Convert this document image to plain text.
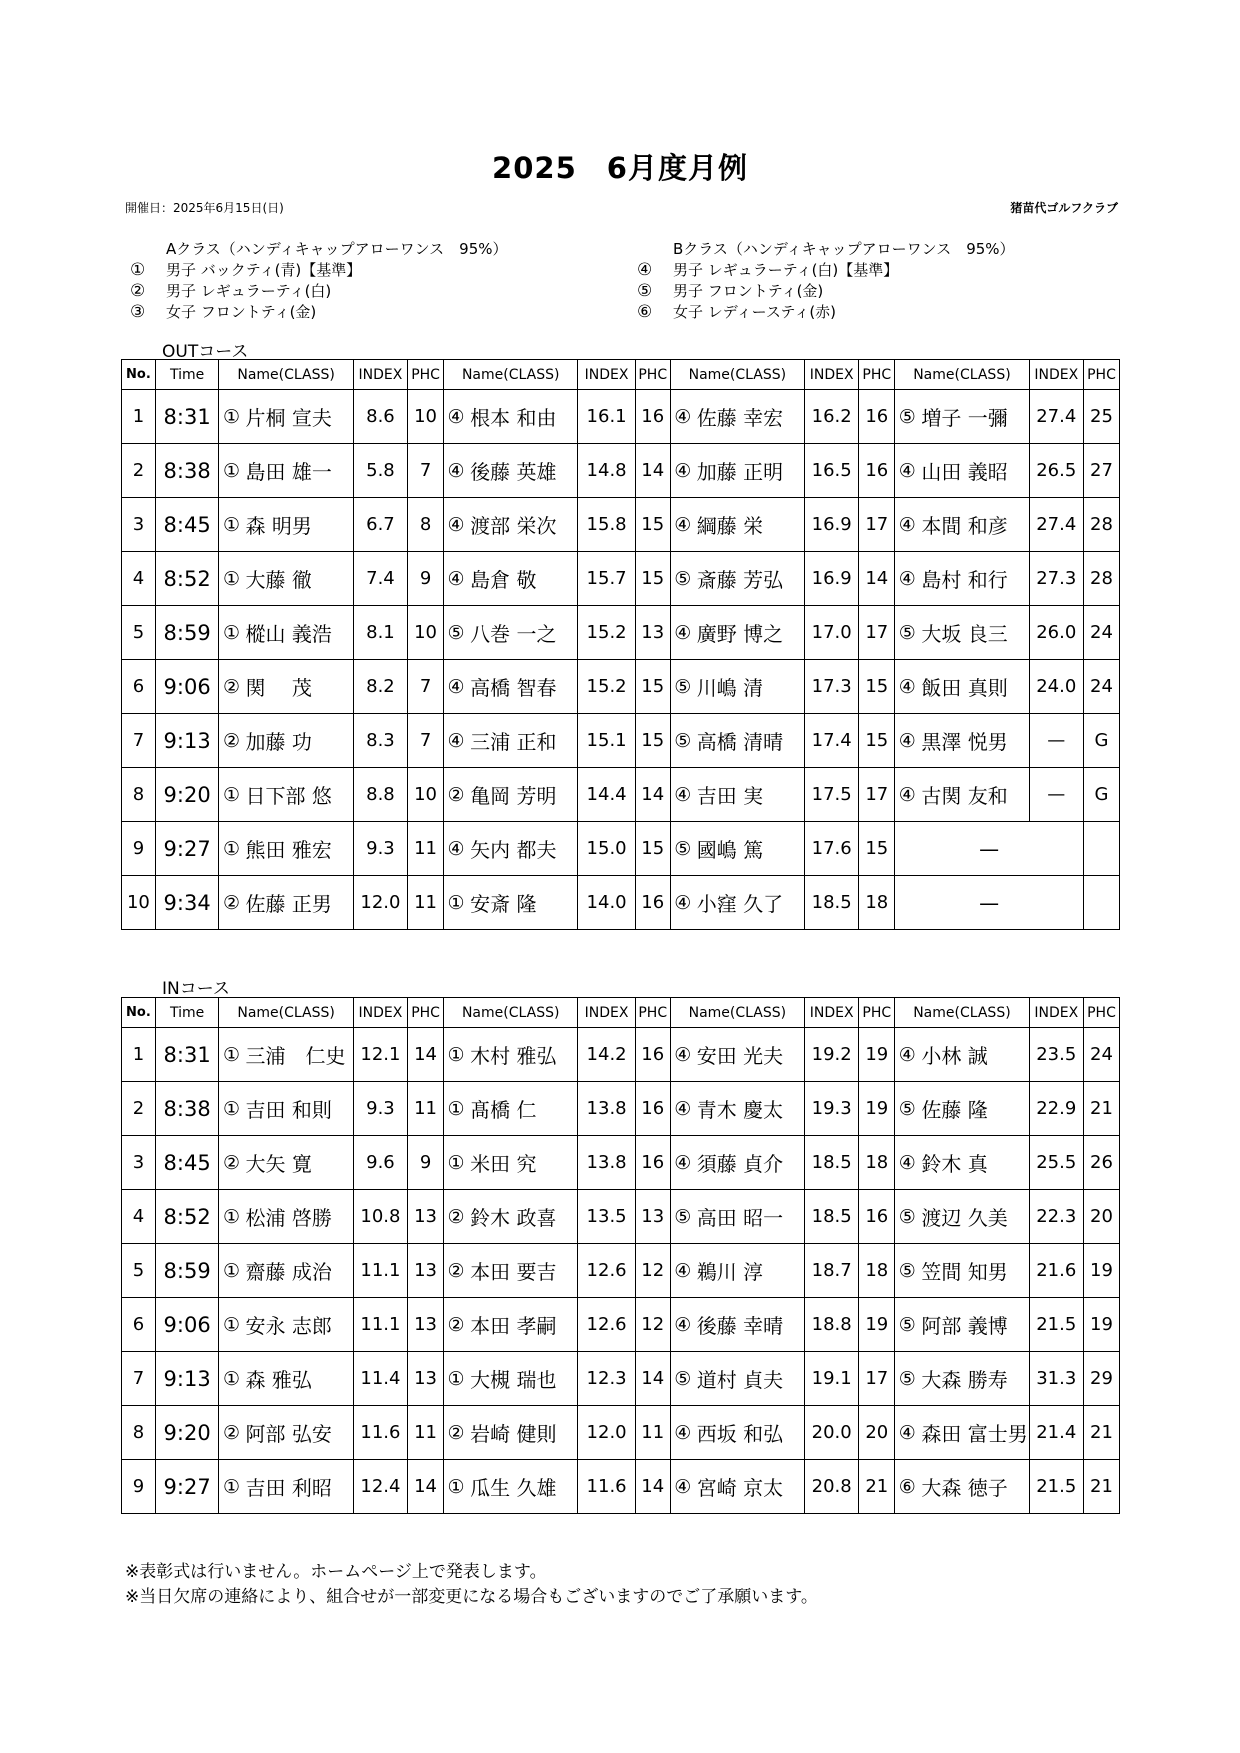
2025　6月度月例
開催日：2025年6月15日(日)	猪苗代ゴルフクラブ
Aクラス（ハンディキャップアローワンス　95%）
① 男子 バックティ(青)【基準】
② 男子 レギュラーティ(白)
③ 女子 フロントティ(金)
Bクラス（ハンディキャップアローワンス　95%）
④ 男子 レギュラーティ(白)【基準】
⑤ 男子 フロントティ(金)
⑥ 女子 レディースティ(赤)
OUTコース
No.	Time	Name(CLASS)		INDEX	PHC	Name(CLASS)		INDEX	PHC	Name(CLASS)		INDEX	PHC	Name(CLASS)		INDEX	PHC
1	8:31	①	片桐 宣夫	8.6	10	④	根本 和由	16.1	16	④	佐藤 幸宏	16.2	16	⑤	増子 一彌	27.4	25
2	8:38	①	島田 雄一	5.8	7	④	後藤 英雄	14.8	14	④	加藤 正明	16.5	16	④	山田 義昭	26.5	27
3	8:45	①	森 明男	6.7	8	④	渡部 栄次	15.8	15	④	綱藤 栄	16.9	17	④	本間 和彦	27.4	28
4	8:52	①	大藤 徹	7.4	9	④	島倉 敬	15.7	15	⑤	斎藤 芳弘	16.9	14	④	島村 和行	27.3	28
5	8:59	①	樅山 義浩	8.1	10	⑤	八巻 一之	15.2	13	④	廣野 博之	17.0	17	⑤	大坂 良三	26.0	24
6	9:06	②	関　 茂	8.2	7	④	高橋 智春	15.2	15	⑤	川嶋 清	17.3	15	④	飯田 真則	24.0	24
7	9:13	②	加藤 功	8.3	7	④	三浦 正和	15.1	15	⑤	高橋 清晴	17.4	15	④	黒澤 悦男	—	G
8	9:20	①	日下部 悠	8.8	10	②	亀岡 芳明	14.4	14	④	吉田 実	17.5	17	④	古関 友和	—	G
9	9:27	①	熊田 雅宏	9.3	11	④	矢内 都夫	15.0	15	⑤	國嶋 篤	17.6	15	—			
10	9:34	②	佐藤 正男	12.0	11	①	安斎 隆	14.0	16	④	小窪 久了	18.5	18	—			
INコース
No.	Time	Name(CLASS)		INDEX	PHC	Name(CLASS)		INDEX	PHC	Name(CLASS)		INDEX	PHC	Name(CLASS)		INDEX	PHC
1	8:31	①	三浦　仁史	12.1	14	①	木村 雅弘	14.2	16	④	安田 光夫	19.2	19	④	小林 誠	23.5	24
2	8:38	①	吉田 和則	9.3	11	①	髙橋 仁	13.8	16	④	青木 慶太	19.3	19	⑤	佐藤 隆	22.9	21
3	8:45	②	大矢 寛	9.6	9	①	米田 究	13.8	16	④	須藤 貞介	18.5	18	④	鈴木 真	25.5	26
4	8:52	①	松浦 啓勝	10.8	13	②	鈴木 政喜	13.5	13	⑤	高田 昭一	18.5	16	⑤	渡辺 久美	22.3	20
5	8:59	①	齋藤 成治	11.1	13	②	本田 要吉	12.6	12	④	鵜川 淳	18.7	18	⑤	笠間 知男	21.6	19
6	9:06	①	安永 志郎	11.1	13	②	本田 孝嗣	12.6	12	④	後藤 幸晴	18.8	19	⑤	阿部 義博	21.5	19
7	9:13	①	森 雅弘	11.4	13	①	大槻 瑞也	12.3	14	⑤	道村 貞夫	19.1	17	⑤	大森 勝寿	31.3	29
8	9:20	②	阿部 弘安	11.6	11	②	岩崎 健則	12.0	11	④	西坂 和弘	20.0	20	④	森田 富士男	21.4	21
9	9:27	①	吉田 利昭	12.4	14	①	瓜生 久雄	11.6	14	④	宮崎 京太	20.8	21	⑥	大森 徳子	21.5	21
※表彰式は行いません。ホームページ上で発表します。
※当日欠席の連絡により、組合せが一部変更になる場合もございますのでご了承願います。
